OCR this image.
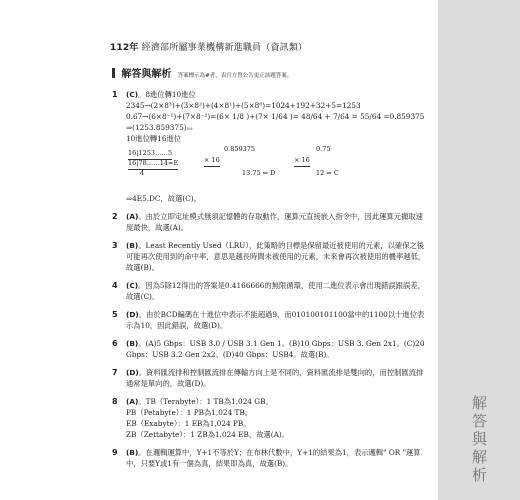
112年 經濟部所屬事業機構新進職員（資訊類）
解答與解析
解答與解析 答案標示為#者，表官方曾公告更正該題答案。
1 (C)。8進位轉10進位
2345→(2×8³)+(3×8²)+(4×8¹)+(5×8⁰)=1024+192+32+5=1253
0.67→(6×8⁻¹)+(7×8⁻²)=(6× 1/8 )+(7× 1/64 )= 48/64 + 7/64 = 55/64 =0.859375
⇒(1253.859375)₁₀
10進位轉16進位
16|1253……5
16|78……14=E
4
0.859375
× 16
13.75 ⇒ D
0.75
× 16
12 ⇒ C
⇒4E5.DC，故選(C)。
2 (A)。由於立即定址模式無須記憶體的存取動作，運算元直接嵌入指令中，因此運算元擷取速度最快，故選(A)。
3 (B)。Least Recently Used（LRU），此策略的目標是保留最近被使用的元素，以確保之後可能再次使用到的命中率，意思是越長時間未被使用的元素，未來會再次被使用的機率越低，故選(B)。
4 (C)。因為5除12得出的答案是0.4166666的無限循環，使用二進位表示會出現錯誤跟誤差，故選(C)。
5 (D)。由於BCD編碼在十進位中表示不能超過9，而010100101100當中的1100以十進位表示為10，因此錯誤，故選(D)。
6 (B)。(A)5 Gbps：USB 3.0 / USB 3.1 Gen 1。(B)10 Gbps：USB 3. Gen 2x1。(C)20 Gbps：USB 3.2 Gen 2x2。(D)40 Gbps：USB4。故選(B)。
7 (D)。資料匯流排和控制匯流排在傳輸方向上是不同的，資料匯流排是雙向的，而控制匯流排通常是單向的，故選(D)。
8 (A)。TB（Terabyte）：1 TB為1,024 GB。
PB（Petabyte）：1 PB為1,024 TB。
EB（Exabyte）：1 EB為1,024 PB。
ZB（Zettabyte）：1 ZB為1,024 EB，故選(A)。
9 (B)。在邏輯運算中，Y+1不等於Y；在布林代數中，Y+1的結果為1，表示邏輯" OR "運算中，只要Y或1有一個為真，結果即為真，故選(B)。
